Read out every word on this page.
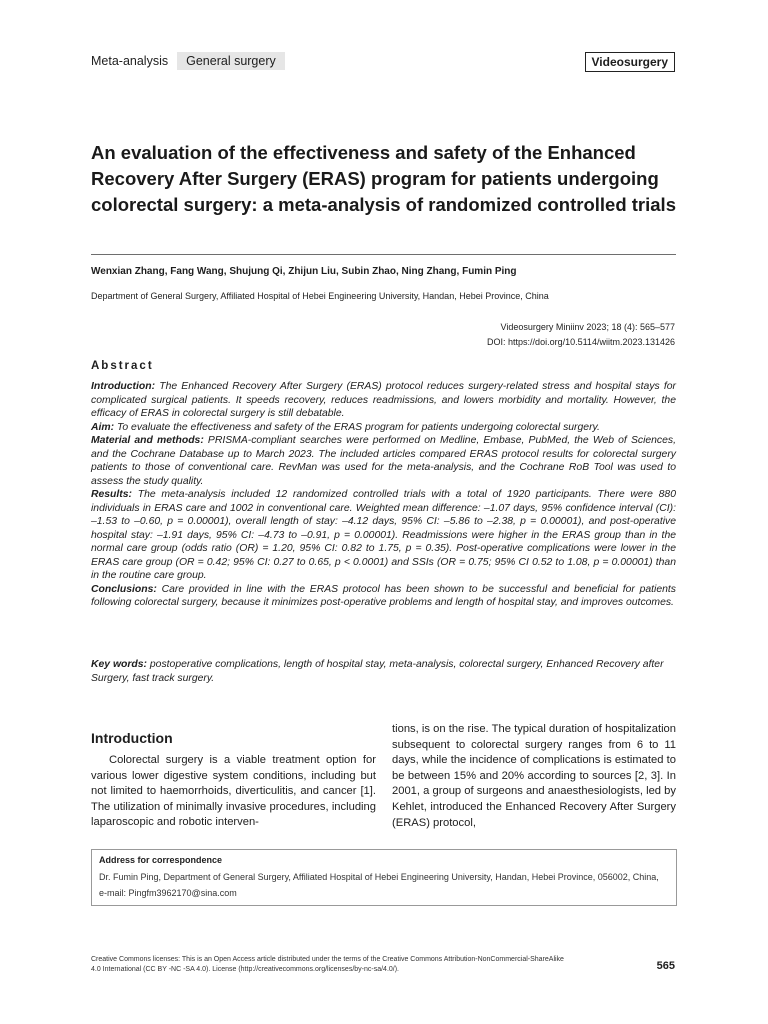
Meta-analysis	General surgery	Videosurgery
An evaluation of the effectiveness and safety of the Enhanced Recovery After Surgery (ERAS) program for patients undergoing colorectal surgery: a meta-analysis of randomized controlled trials
Wenxian Zhang, Fang Wang, Shujung Qi, Zhijun Liu, Subin Zhao, Ning Zhang, Fumin Ping
Department of General Surgery, Affiliated Hospital of Hebei Engineering University, Handan, Hebei Province, China
Videosurgery Miniinv 2023; 18 (4): 565–577
DOI: https://doi.org/10.5114/wiitm.2023.131426
Abstract

Introduction: The Enhanced Recovery After Surgery (ERAS) protocol reduces surgery-related stress and hospital stays for complicated surgical patients. It speeds recovery, reduces readmissions, and lowers morbidity and mortality. However, the efficacy of ERAS in colorectal surgery is still debatable.

Aim: To evaluate the effectiveness and safety of the ERAS program for patients undergoing colorectal surgery.

Material and methods: PRISMA-compliant searches were performed on Medline, Embase, PubMed, the Web of Sciences, and the Cochrane Database up to March 2023. The included articles compared ERAS protocol results for colorectal surgery patients to those of conventional care. RevMan was used for the meta-analysis, and the Cochrane RoB Tool was used to assess the study quality.

Results: The meta-analysis included 12 randomized controlled trials with a total of 1920 participants. There were 880 individuals in ERAS care and 1002 in conventional care. Weighted mean difference: –1.07 days, 95% confidence interval (CI): –1.53 to –0.60, p = 0.00001), overall length of stay: –4.12 days, 95% CI: –5.86 to –2.38, p = 0.00001), and post-operative hospital stay: –1.91 days, 95% CI: –4.73 to –0.91, p = 0.00001). Readmissions were higher in the ERAS group than in the normal care group (odds ratio (OR) = 1.20, 95% CI: 0.82 to 1.75, p = 0.35). Post-operative complications were lower in the ERAS care group (OR = 0.42; 95% CI: 0.27 to 0.65, p < 0.0001) and SSIs (OR = 0.75; 95% CI 0.52 to 1.08, p = 0.00001) than in the routine care group.

Conclusions: Care provided in line with the ERAS protocol has been shown to be successful and beneficial for patients following colorectal surgery, because it minimizes post-operative problems and length of hospital stay, and improves outcomes.

Key words: postoperative complications, length of hospital stay, meta-analysis, colorectal surgery, Enhanced Recovery after Surgery, fast track surgery.
Introduction

Colorectal surgery is a viable treatment option for various lower digestive system conditions, including but not limited to haemorrhoids, diverticulitis, and cancer [1]. The utilization of minimally invasive procedures, including laparoscopic and robotic interven-

tions, is on the rise. The typical duration of hospitalization subsequent to colorectal surgery ranges from 6 to 11 days, while the incidence of complications is estimated to be between 15% and 20% according to sources [2, 3]. In 2001, a group of surgeons and anaesthesiologists, led by Kehlet, introduced the Enhanced Recovery After Surgery (ERAS) protocol,

Address for correspondence
Dr. Fumin Ping, Department of General Surgery, Affiliated Hospital of Hebei Engineering University, Handan, Hebei Province, 056002, China, e-mail: Pingfm3962170@sina.com
Creative Commons licenses: This is an Open Access article distributed under the terms of the Creative Commons Attribution-NonCommercial-ShareAlike 4.0 International (CC BY -NC -SA 4.0). License (http://creativecommons.org/licenses/by-nc-sa/4.0/).	565
